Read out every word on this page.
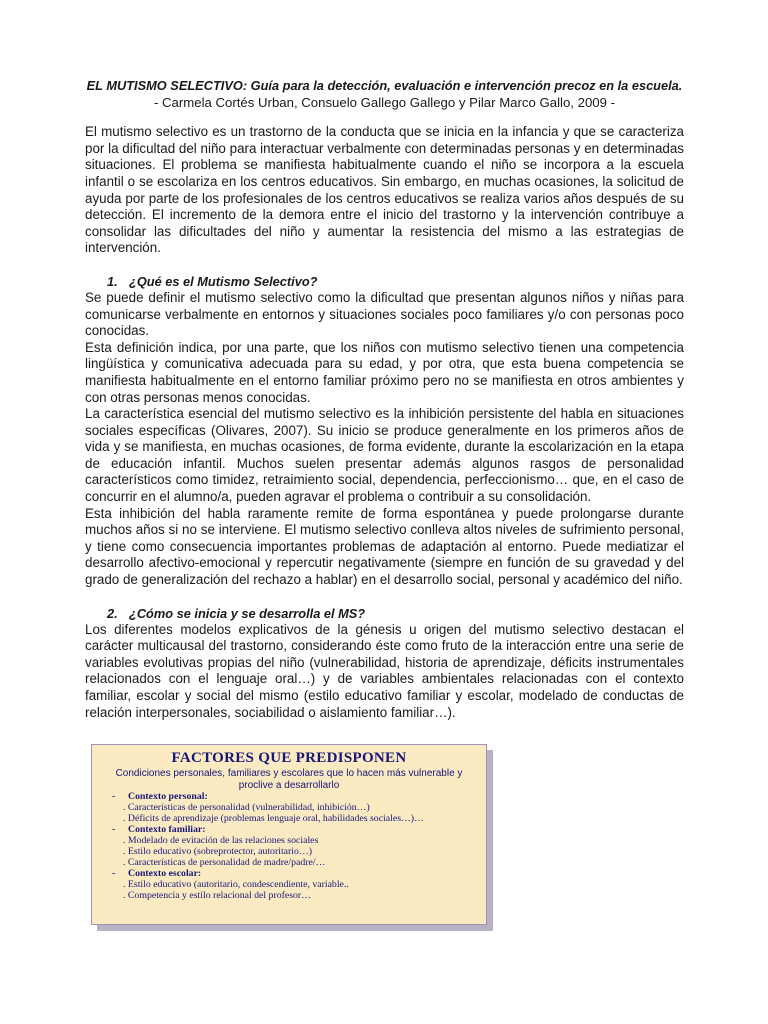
EL MUTISMO SELECTIVO: Guía para la detección, evaluación e intervención precoz en la escuela.
- Carmela Cortés Urban, Consuelo Gallego Gallego y Pilar Marco Gallo, 2009 -

El mutismo selectivo es un trastorno de la conducta que se inicia en la infancia y que se caracteriza por la dificultad del niño para interactuar verbalmente con determinadas personas y en determinadas situaciones. El problema se manifiesta habitualmente cuando el niño se incorpora a la escuela infantil o se escolariza en los centros educativos. Sin embargo, en muchas ocasiones, la solicitud de ayuda por parte de los profesionales de los centros educativos se realiza varios años después de su detección. El incremento de la demora entre el inicio del trastorno y la intervención contribuye a consolidar las dificultades del niño y aumentar la resistencia del mismo a las estrategias de intervención.

1. ¿Qué es el Mutismo Selectivo?

Se puede definir el mutismo selectivo como la dificultad que presentan algunos niños y niñas para comunicarse verbalmente en entornos y situaciones sociales poco familiares y/o con personas poco conocidas.

Esta definición indica, por una parte, que los niños con mutismo selectivo tienen una competencia lingüística y comunicativa adecuada para su edad, y por otra, que esta buena competencia se manifiesta habitualmente en el entorno familiar próximo pero no se manifiesta en otros ambientes y con otras personas menos conocidas.

La característica esencial del mutismo selectivo es la inhibición persistente del habla en situaciones sociales específicas (Olivares, 2007). Su inicio se produce generalmente en los primeros años de vida y se manifiesta, en muchas ocasiones, de forma evidente, durante la escolarización en la etapa de educación infantil. Muchos suelen presentar además algunos rasgos de personalidad característicos como timidez, retraimiento social, dependencia, perfeccionismo… que, en el caso de concurrir en el alumno/a, pueden agravar el problema o contribuir a su consolidación.

Esta inhibición del habla raramente remite de forma espontánea y puede prolongarse durante muchos años si no se interviene. El mutismo selectivo conlleva altos niveles de sufrimiento personal, y tiene como consecuencia importantes problemas de adaptación al entorno. Puede mediatizar el desarrollo afectivo-emocional y repercutir negativamente (siempre en función de su gravedad y del grado de generalización del rechazo a hablar) en el desarrollo social, personal y académico del niño.

2. ¿Cómo se inicia y se desarrolla el MS?

Los diferentes modelos explicativos de la génesis u origen del mutismo selectivo destacan el carácter multicausal del trastorno, considerando éste como fruto de la interacción entre una serie de variables evolutivas propias del niño (vulnerabilidad, historia de aprendizaje, déficits instrumentales relacionados con el lenguaje oral…) y de variables ambientales relacionadas con el contexto familiar, escolar y social del mismo (estilo educativo familiar y escolar, modelado de conductas de relación interpersonales, sociabilidad o aislamiento familiar…).

FACTORES QUE PREDISPONEN
Condiciones personales, familiares y escolares que lo hacen más vulnerable y proclive a desarrollarlo
- Contexto personal:
. Características de personalidad (vulnerabilidad, inhibición…)
. Déficits de aprendizaje (problemas lenguaje oral, habilidades sociales…)…
- Contexto familiar:
. Modelado de evitación de las relaciones sociales
. Estilo educativo (sobreprotector, autoritario…)
. Características de personalidad de madre/padre/…
- Contexto escolar:
. Estilo educativo (autoritario, condescendiente, variable..
. Competencia y estilo relacional del profesor…
